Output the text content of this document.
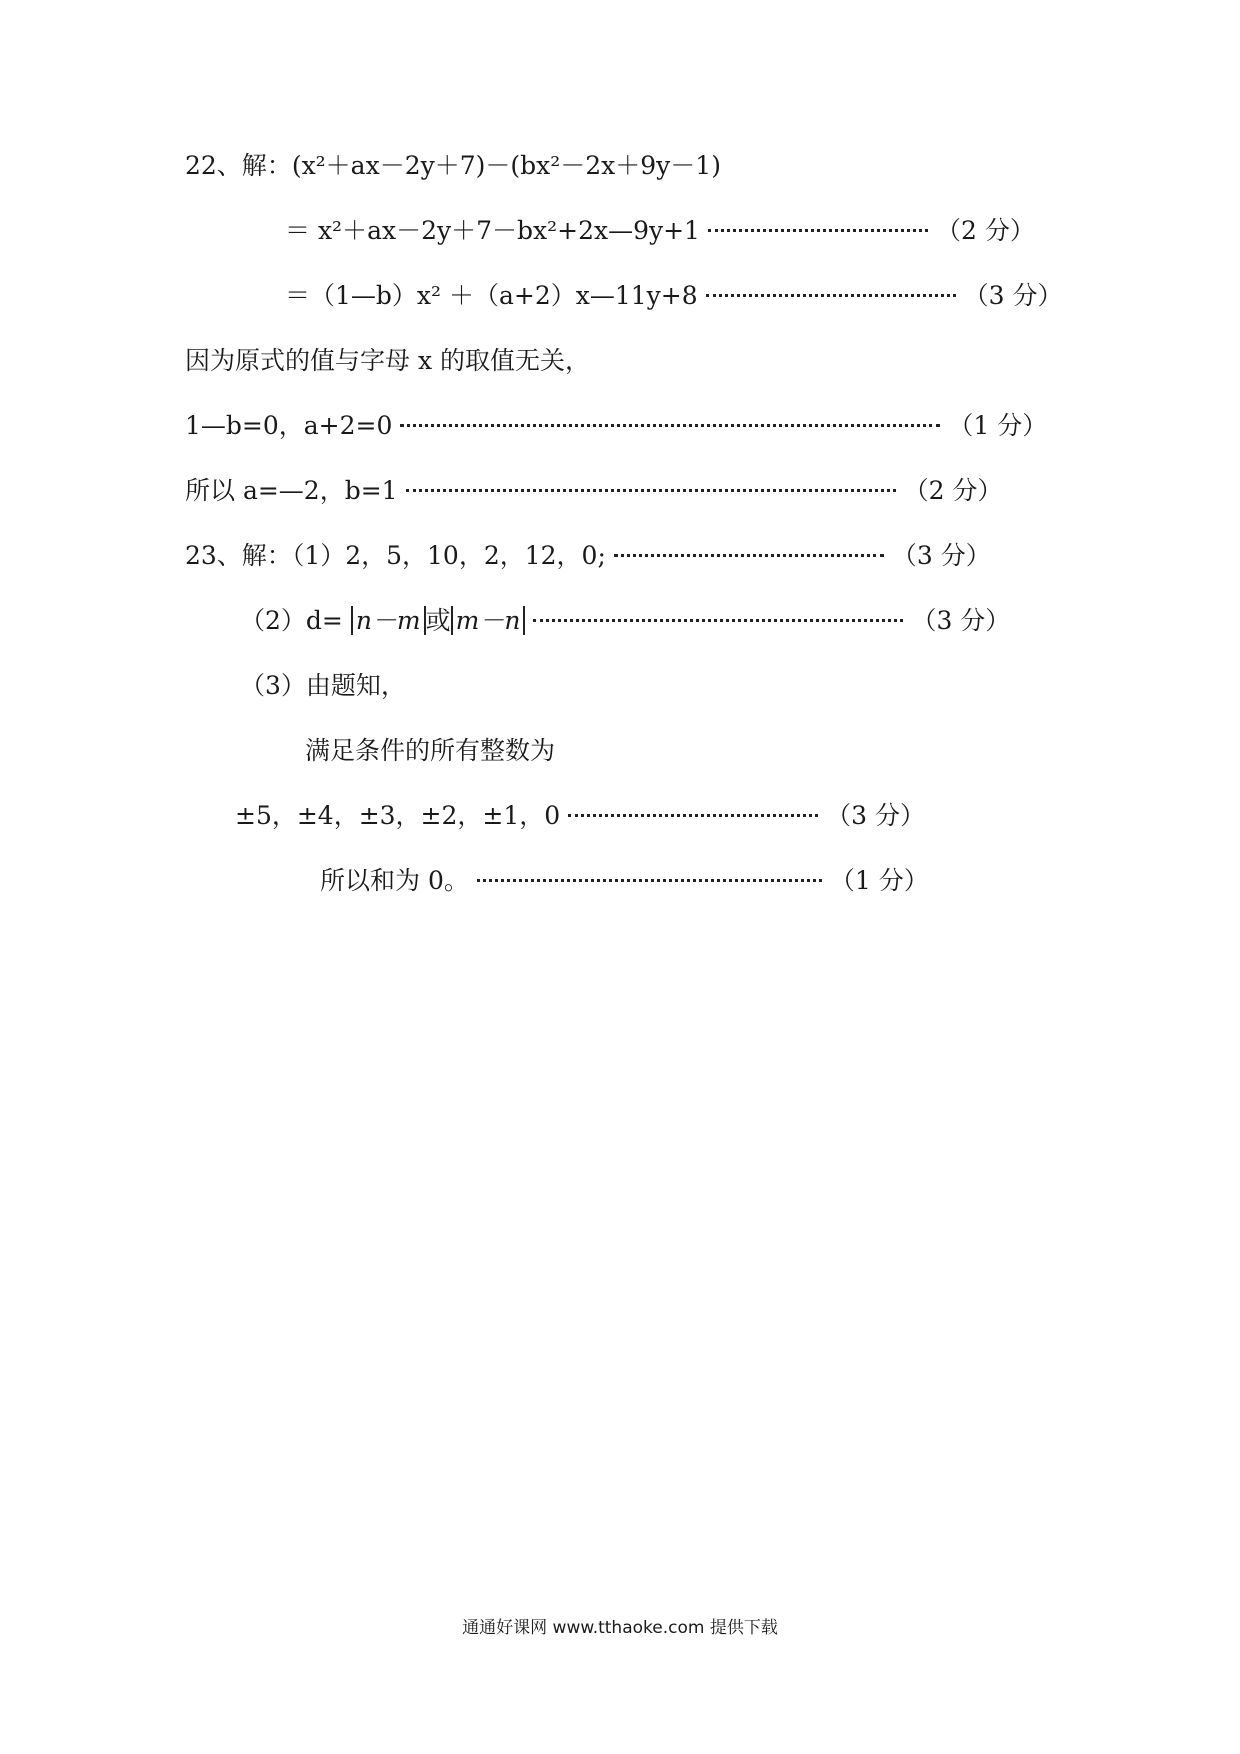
22、解：(x²＋ax－2y＋7)－(bx²－2x＋9y－1)
＝ x²＋ax－2y＋7－bx²+2x—9y+1	（2 分）
＝（1—b）x² ＋（a+2）x—11y+8	（3 分）
因为原式的值与字母 x 的取值无关，
1—b=0，a+2=0	（1 分）
所以 a=—2，b=1	（2 分）
23、解：（1）2，5，10，2，12，0;	（3 分）
（2）d= n－m 或 m－n	（3 分）
（3）由题知，
满足条件的所有整数为
±5，±4，±3，±2，±1，0	（3 分）
所以和为 0。	（1 分）
通通好课网 www.tthaoke.com 提供下载
